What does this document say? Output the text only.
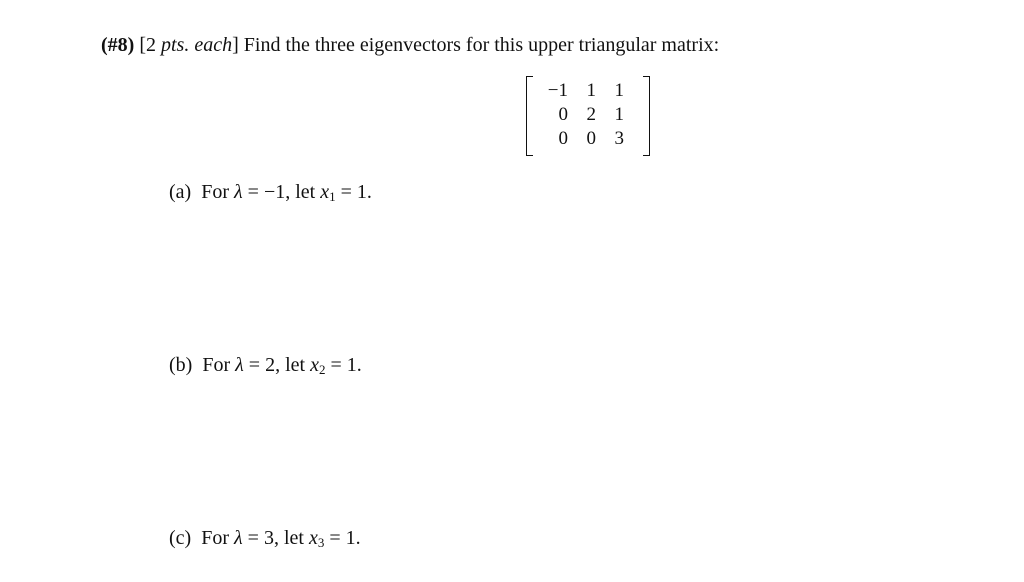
(#8) [2 pts. each] Find the three eigenvectors for this upper triangular matrix:
−1 1 1
0 2 1
0 0 3
(a) For λ = −1, let $x_1 = 1$.
(b) For λ = 2, let $x_2 = 1$.
(c) For λ = 3, let $x_3 = 1$.
